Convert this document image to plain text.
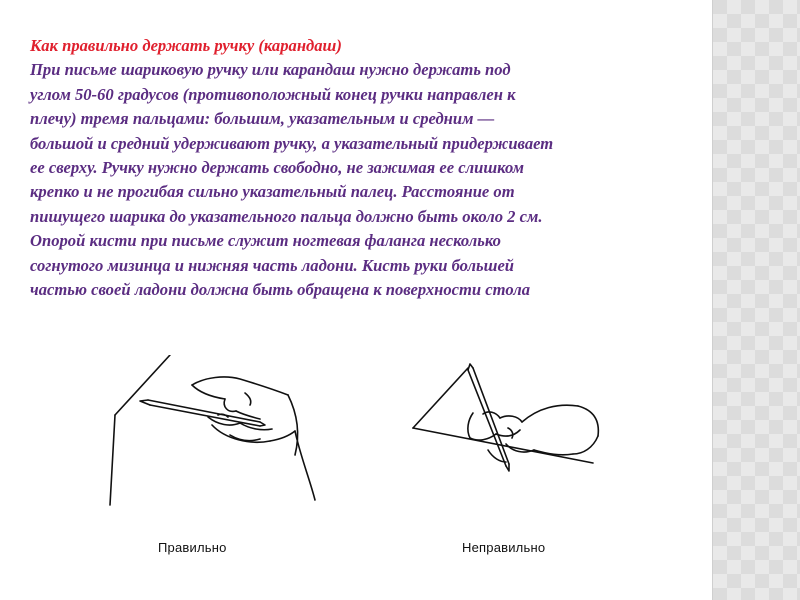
Как правильно держать ручку (карандаш)
При письме шариковую ручку или карандаш нужно держать под
углом 50-60 градусов (противоположный конец ручки направлен к
плечу) тремя пальцами: большим, указательным и средним —
большой и средний удерживают ручку, а указательный придерживает
ее сверху. Ручку нужно держать свободно, не зажимая ее слишком
крепко и не прогибая сильно указательный палец. Расстояние от
пишущего шарика до указательного пальца должно быть около 2 см.
Опорой кисти при письме служит ногтевая фаланга несколько
согнутого мизинца и нижняя часть ладони. Кисть руки большей
частью своей ладони должна быть обращена к поверхности стола
Правильно	Неправильно
